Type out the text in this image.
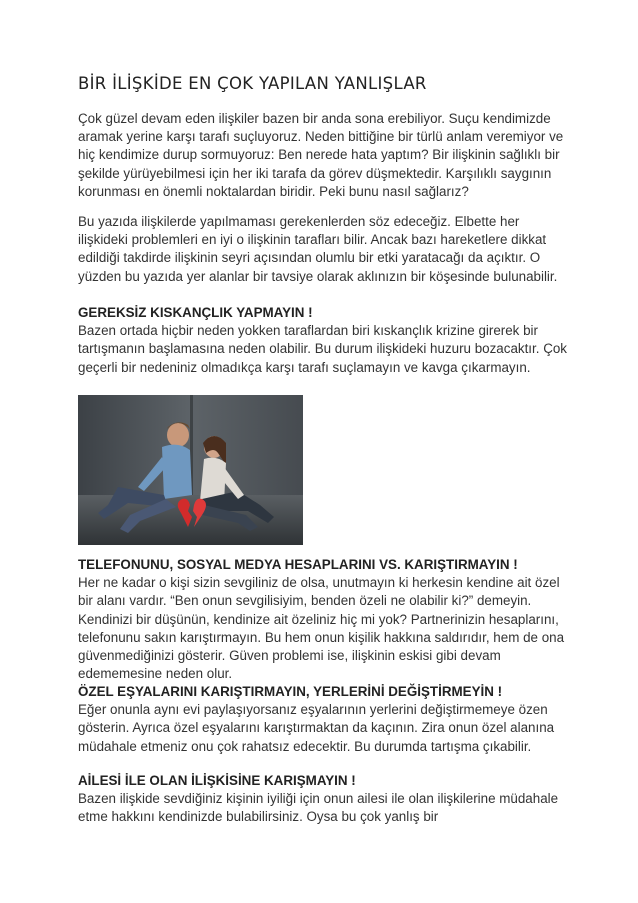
BİR İLİŞKİDE EN ÇOK YAPILAN YANLIŞLAR

Çok güzel devam eden ilişkiler bazen bir anda sona erebiliyor. Suçu kendimizde aramak yerine karşı tarafı suçluyoruz. Neden bittiğine bir türlü anlam veremiyor ve hiç kendimize durup sormuyoruz: Ben nerede hata yaptım? Bir ilişkinin sağlıklı bir şekilde yürüyebilmesi için her iki tarafa da görev düşmektedir. Karşılıklı saygının korunması en önemli noktalardan biridir. Peki bunu nasıl sağlarız?

Bu yazıda ilişkilerde yapılmaması gerekenlerden söz edeceğiz. Elbette her ilişkideki problemleri en iyi o ilişkinin tarafları bilir. Ancak bazı hareketlere dikkat edildiği takdirde ilişkinin seyri açısından olumlu bir etki yaratacağı da açıktır. O yüzden bu yazıda yer alanlar bir tavsiye olarak aklınızın bir köşesinde bulunabilir.

GEREKSİZ KISKANÇLIK YAPMAYIN !

Bazen ortada hiçbir neden yokken taraflardan biri kıskançlık krizine girerek bir tartışmanın başlamasına neden olabilir. Bu durum ilişkideki huzuru bozacaktır. Çok geçerli bir nedeniniz olmadıkça karşı tarafı suçlamayın ve kavga çıkarmayın.

TELEFONUNU, SOSYAL MEDYA HESAPLARINI VS. KARIŞTIRMAYIN !

Her ne kadar o kişi sizin sevgiliniz de olsa, unutmayın ki herkesin kendine ait özel bir alanı vardır. “Ben onun sevgilisiyim, benden özeli ne olabilir ki?” demeyin. Kendinizi bir düşünün, kendinize ait özeliniz hiç mi yok? Partnerinizin hesaplarını, telefonunu sakın karıştırmayın. Bu hem onun kişilik hakkına saldırıdır, hem de ona güvenmediğinizi gösterir. Güven problemi ise, ilişkinin eskisi gibi devam edememesine neden olur.

ÖZEL EŞYALARINI KARIŞTIRMAYIN, YERLERİNİ DEĞİŞTİRMEYİN !

Eğer onunla aynı evi paylaşıyorsanız eşyalarının yerlerini değiştirmemeye özen gösterin. Ayrıca özel eşyalarını karıştırmaktan da kaçının. Zira onun özel alanına müdahale etmeniz onu çok rahatsız edecektir. Bu durumda tartışma çıkabilir.

AİLESİ İLE OLAN İLİŞKİSİNE KARIŞMAYIN !

Bazen ilişkide sevdiğiniz kişinin iyiliği için onun ailesi ile olan ilişkilerine müdahale etme hakkını kendinizde bulabilirsiniz. Oysa bu çok yanlış bir
